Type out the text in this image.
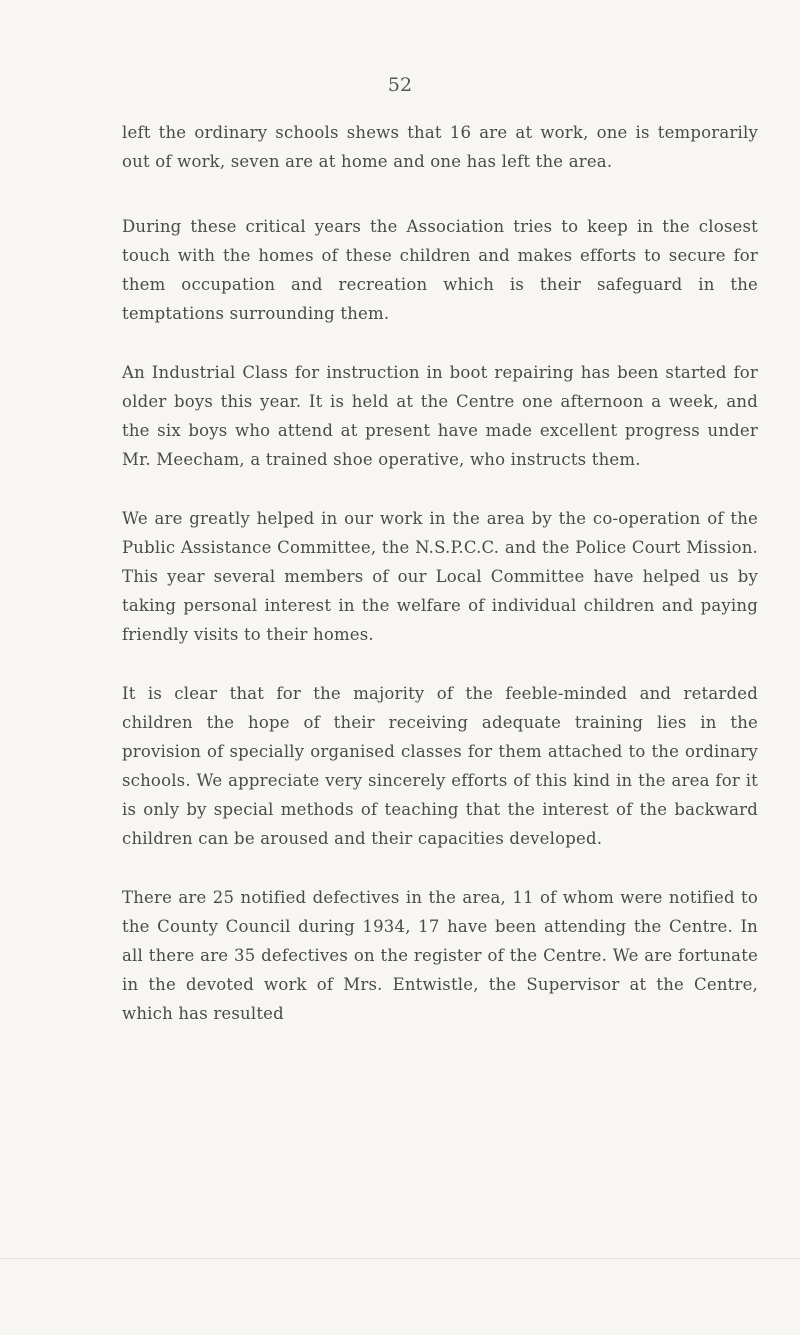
52

left the ordinary schools shews that 16 are at work, one is temporarily out of work, seven are at home and one has left the area.

During these critical years the Association tries to keep in the closest touch with the homes of these children and makes efforts to secure for them occupation and recreation which is their safeguard in the temptations surrounding them.

An Industrial Class for instruction in boot repairing has been started for older boys this year. It is held at the Centre one afternoon a week, and the six boys who attend at present have made excellent progress under Mr. Meecham, a trained shoe operative, who instructs them.

We are greatly helped in our work in the area by the co-operation of the Public Assistance Committee, the N.S.P.C.C. and the Police Court Mission. This year several members of our Local Committee have helped us by taking personal interest in the welfare of individual children and paying friendly visits to their homes.

It is clear that for the majority of the feeble-minded and retarded children the hope of their receiving adequate training lies in the provision of specially organised classes for them attached to the ordinary schools. We appreciate very sincerely efforts of this kind in the area for it is only by special methods of teaching that the interest of the backward children can be aroused and their capacities developed.

There are 25 notified defectives in the area, 11 of whom were notified to the County Council during 1934, 17 have been attending the Centre. In all there are 35 defectives on the register of the Centre. We are fortunate in the devoted work of Mrs. Entwistle, the Supervisor at the Centre, which has resulted
